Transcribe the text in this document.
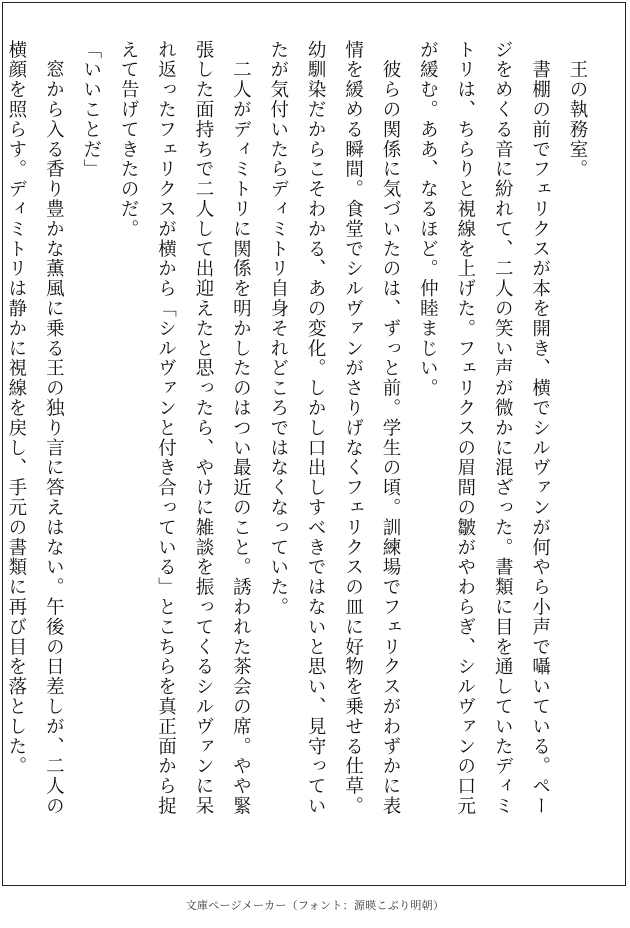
　王の執務室。

　書棚の前でフェリクスが本を開き、横でシルヴァンが何やら小声で囁いている。ペー

ジをめくる音に紛れて、二人の笑い声が微かに混ざった。書類に目を通していたディミ

トリは、ちらりと視線を上げた。フェリクスの眉間の皺がやわらぎ、シルヴァンの口元

が緩む。ああ、なるほど。仲睦まじい。

　彼らの関係に気づいたのは、ずっと前。学生の頃。訓練場でフェリクスがわずかに表

情を緩める瞬間。食堂でシルヴァンがさりげなくフェリクスの皿に好物を乗せる仕草。

幼馴染だからこそわかる、あの変化。しかし口出しすべきではないと思い、見守ってい

たが気付いたらディミトリ自身それどころではなくなっていた。

　二人がディミトリに関係を明かしたのはつい最近のこと。誘われた茶会の席。やや緊

張した面持ちで二人して出迎えたと思ったら、やけに雑談を振ってくるシルヴァンに呆

れ返ったフェリクスが横から「シルヴァンと付き合っている」とこちらを真正面から捉

えて告げてきたのだ。

「いいことだ」

　窓から入る香り豊かな薫風に乗る王の独り言に答えはない。午後の日差しが、二人の

横顔を照らす。ディミトリは静かに視線を戻し、手元の書類に再び目を落とした。

文庫ページメーカー（フォント：源暎こぶり明朝）
